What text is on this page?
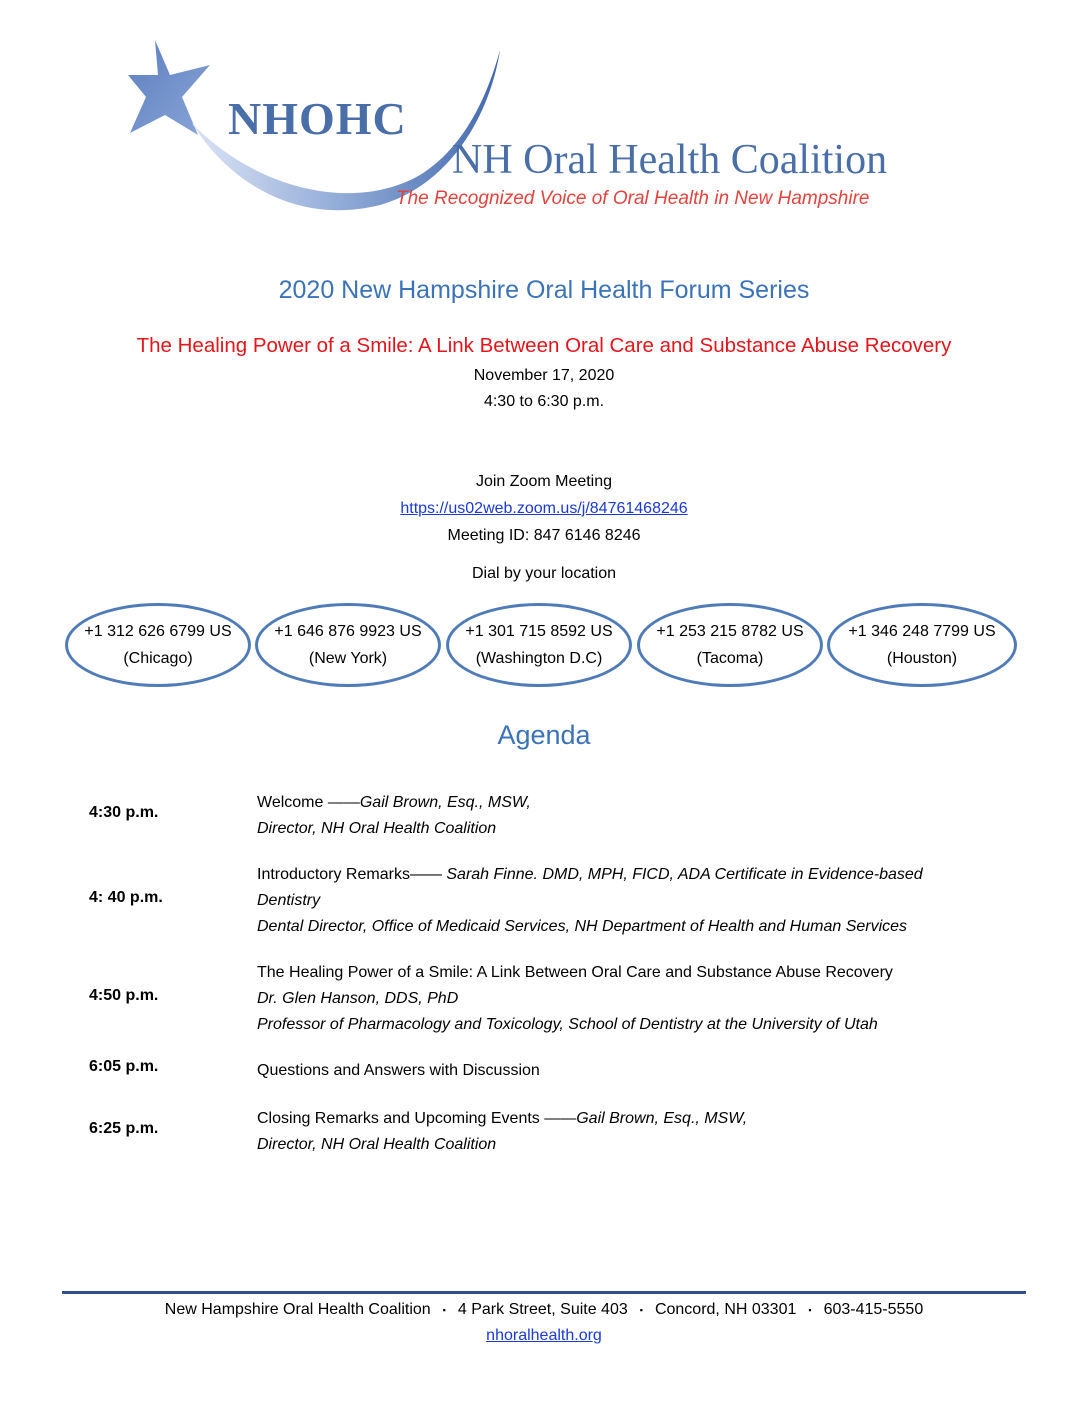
NHOHC
NH Oral Health Coalition
The Recognized Voice of Oral Health in New Hampshire
2020 New Hampshire Oral Health Forum Series
The Healing Power of a Smile: A Link Between Oral Care and Substance Abuse Recovery
November 17, 2020
4:30 to 6:30 p.m.
Join Zoom Meeting
https://us02web.zoom.us/j/84761468246
Meeting ID: 847 6146 8246
Dial by your location
+1 312 626 6799 US
(Chicago)
+1 646 876 9923 US
(New York)
+1 301 715 8592 US
(Washington D.C)
+1 253 215 8782 US
(Tacoma)
+1 346 248 7799 US
(Houston)
Agenda
4:30 p.m.
Welcome ——Gail Brown, Esq., MSW,
Director, NH Oral Health Coalition
4: 40 p.m.
Introductory Remarks—— Sarah Finne. DMD, MPH, FICD, ADA Certificate in Evidence-based
Dentistry
Dental Director, Office of Medicaid Services, NH Department of Health and Human Services
4:50 p.m.
The Healing Power of a Smile: A Link Between Oral Care and Substance Abuse Recovery
Dr. Glen Hanson, DDS, PhD
Professor of Pharmacology and Toxicology, School of Dentistry at the University of Utah
6:05 p.m.	Questions and Answers with Discussion
6:25 p.m.
Closing Remarks and Upcoming Events ——Gail Brown, Esq., MSW,
Director, NH Oral Health Coalition
New Hampshire Oral Health Coalition ▪ 4 Park Street, Suite 403 ▪ Concord, NH 03301 ▪ 603-415-5550
nhoralhealth.org
